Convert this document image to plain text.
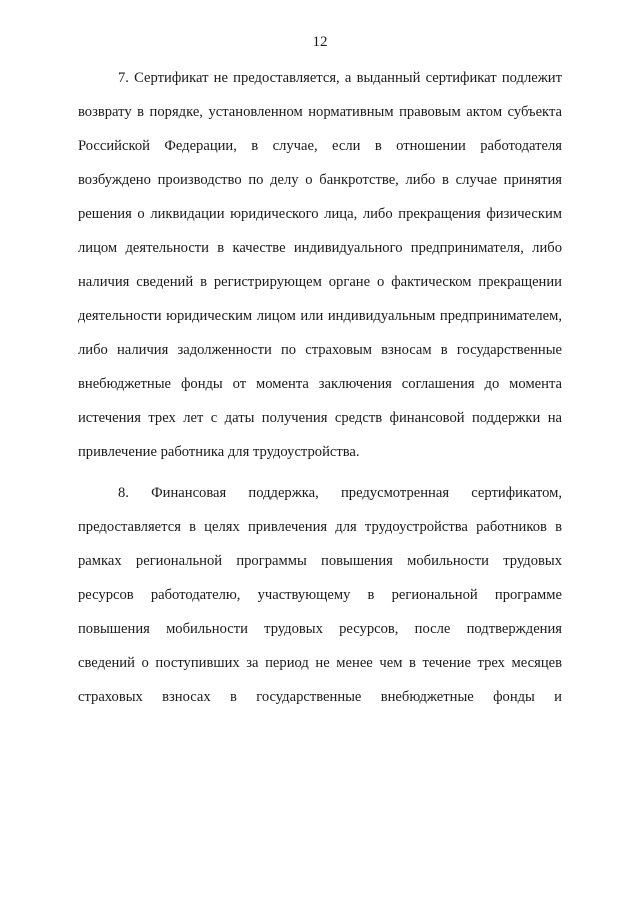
12
7. Сертификат не предоставляется, а выданный сертификат подлежит
возврату в порядке, установленном нормативным правовым актом субъекта
Российской Федерации, в случае, если в отношении работодателя
возбуждено производство по делу о банкротстве, либо в случае принятия
решения о ликвидации юридического лица, либо прекращения физическим
лицом деятельности в качестве индивидуального предпринимателя, либо
наличия сведений в регистрирующем органе о фактическом прекращении
деятельности юридическим лицом или индивидуальным предпринимателем,
либо наличия задолженности по страховым взносам в государственные
внебюджетные фонды от момента заключения соглашения до момента
истечения трех лет с даты получения средств финансовой поддержки на
привлечение работника для трудоустройства.
8. Финансовая поддержка, предусмотренная сертификатом,
предоставляется в целях привлечения для трудоустройства работников в
рамках региональной программы повышения мобильности трудовых
ресурсов работодателю, участвующему в региональной программе
повышения мобильности трудовых ресурсов, после подтверждения
сведений о поступивших за период не менее чем в течение трех месяцев
страховых взносах в государственные внебюджетные фонды и
